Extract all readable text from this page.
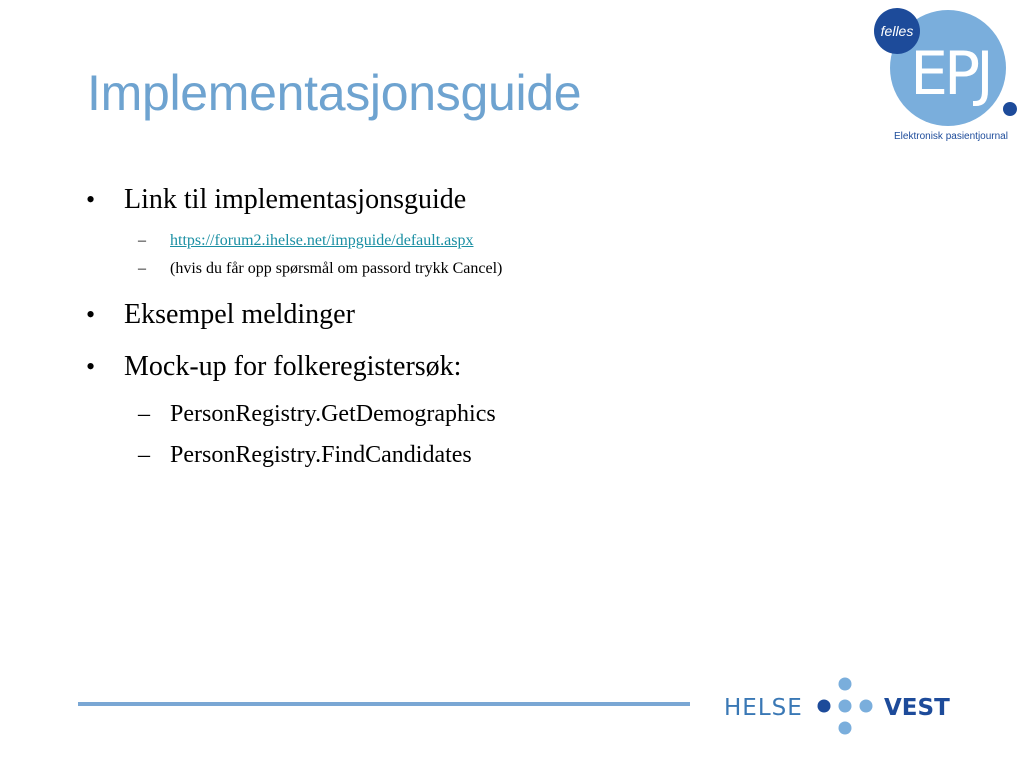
Implementasjonsguide
felles
EPJ
Elektronisk pasientjournal
• Link til implementasjonsguide
– https://forum2.ihelse.net/impguide/default.aspx
– (hvis du får opp spørsmål om passord trykk Cancel)
• Eksempel meldinger
• Mock-up for folkeregistersøk:
– PersonRegistry.GetDemographics
– PersonRegistry.FindCandidates
HELSE	VEST
